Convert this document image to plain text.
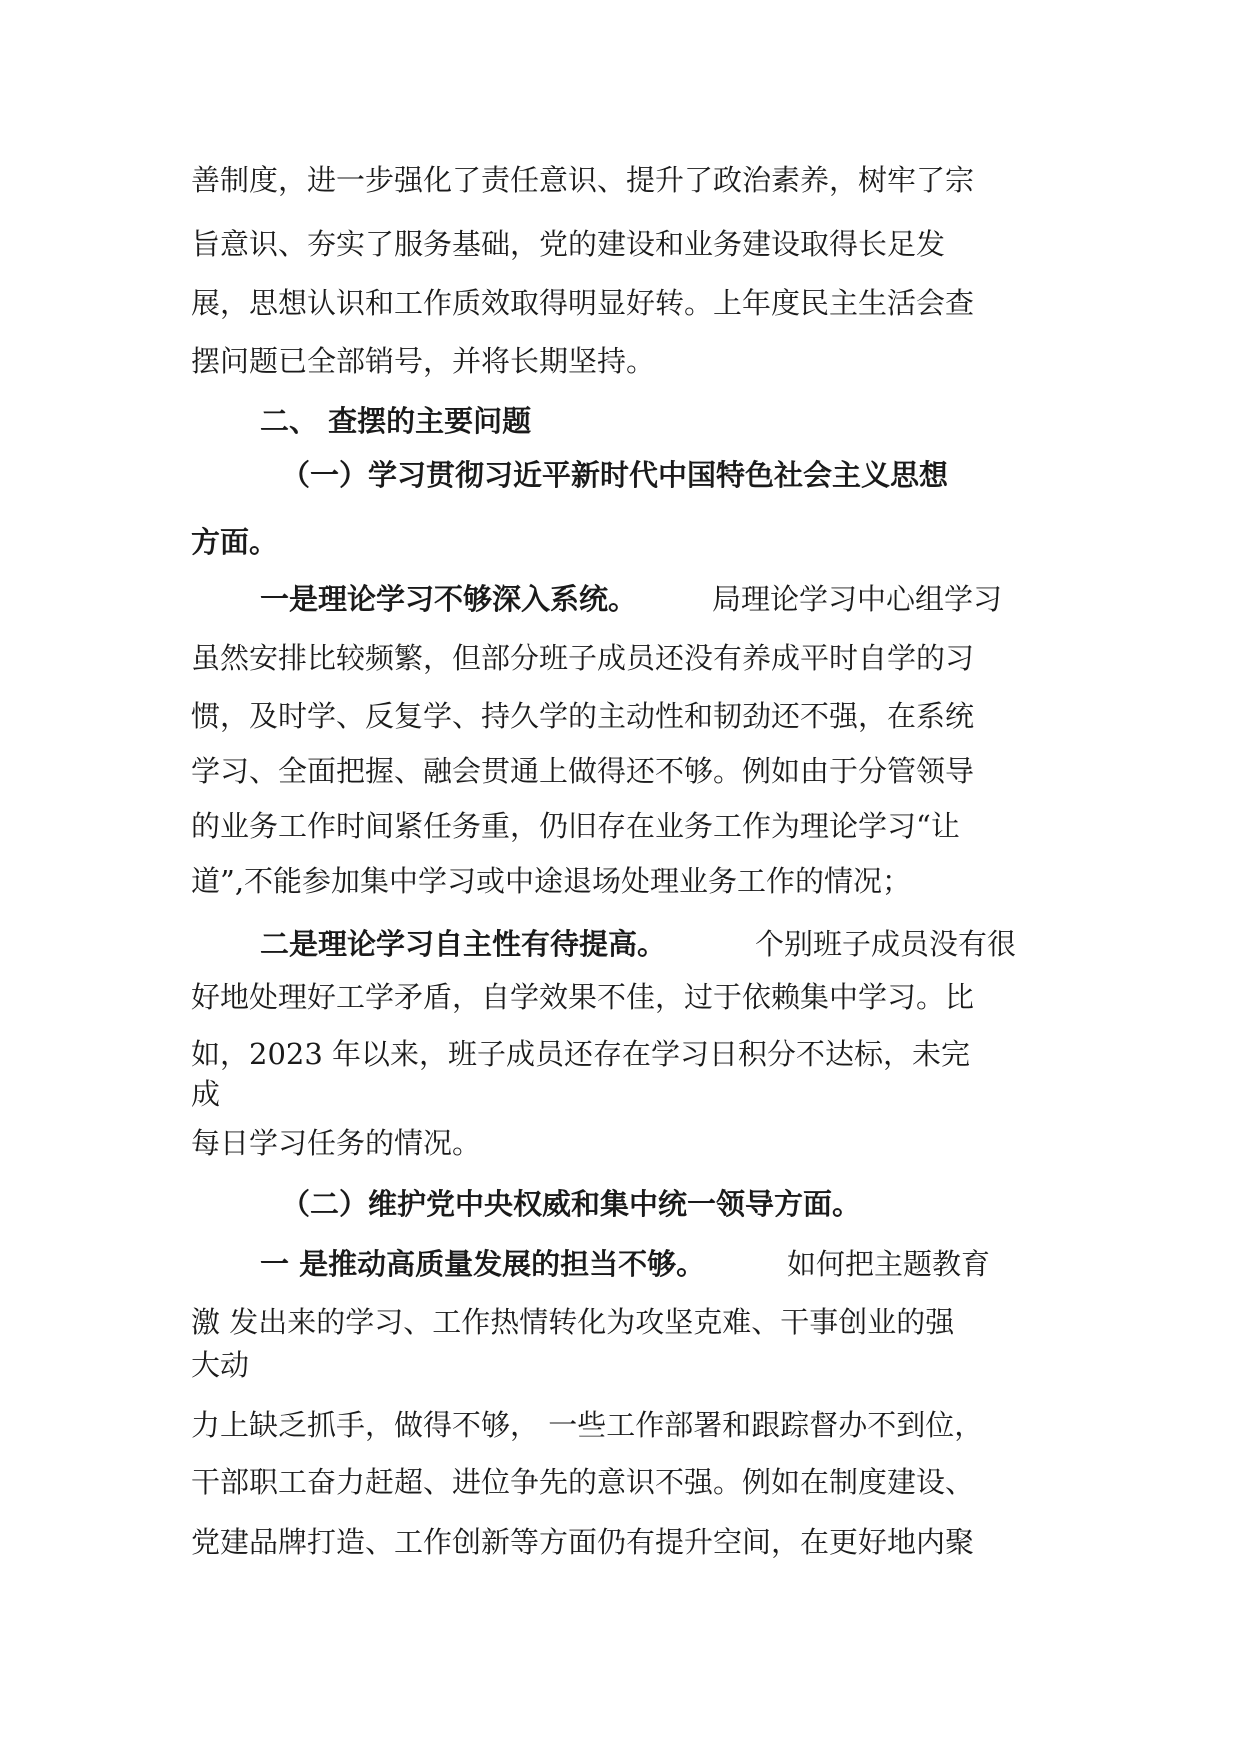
善制度，进一步强化了责任意识、提升了政治素养，树牢了宗
旨意识、夯实了服务基础，党的建设和业务建设取得长足发
展，思想认识和工作质效取得明显好转。上年度民主生活会查
摆问题已全部销号，并将长期坚持。
二、 查摆的主要问题
（一）学习贯彻习近平新时代中国特色社会主义思想
方面。
一是理论学习不够深入系统。	局理论学习中心组学习
虽然安排比较频繁，但部分班子成员还没有养成平时自学的习
惯，及时学、反复学、持久学的主动性和韧劲还不强，在系统
学习、全面把握、融会贯通上做得还不够。例如由于分管领导
的业务工作时间紧任务重，仍旧存在业务工作为理论学习“让
道”,不能参加集中学习或中途退场处理业务工作的情况；
二是理论学习自主性有待提高。	个别班子成员没有很
好地处理好工学矛盾，自学效果不佳，过于依赖集中学习。比
如，2023 年以来，班子成员还存在学习日积分不达标，未完
成
每日学习任务的情况。
（二）维护党中央权威和集中统一领导方面。
一 是推动高质量发展的担当不够。	如何把主题教育
激 发出来的学习、工作热情转化为攻坚克难、干事创业的强
大动
力上缺乏抓手，做得不够， 一些工作部署和跟踪督办不到位，
干部职工奋力赶超、进位争先的意识不强。例如在制度建设、
党建品牌打造、工作创新等方面仍有提升空间，在更好地内聚
